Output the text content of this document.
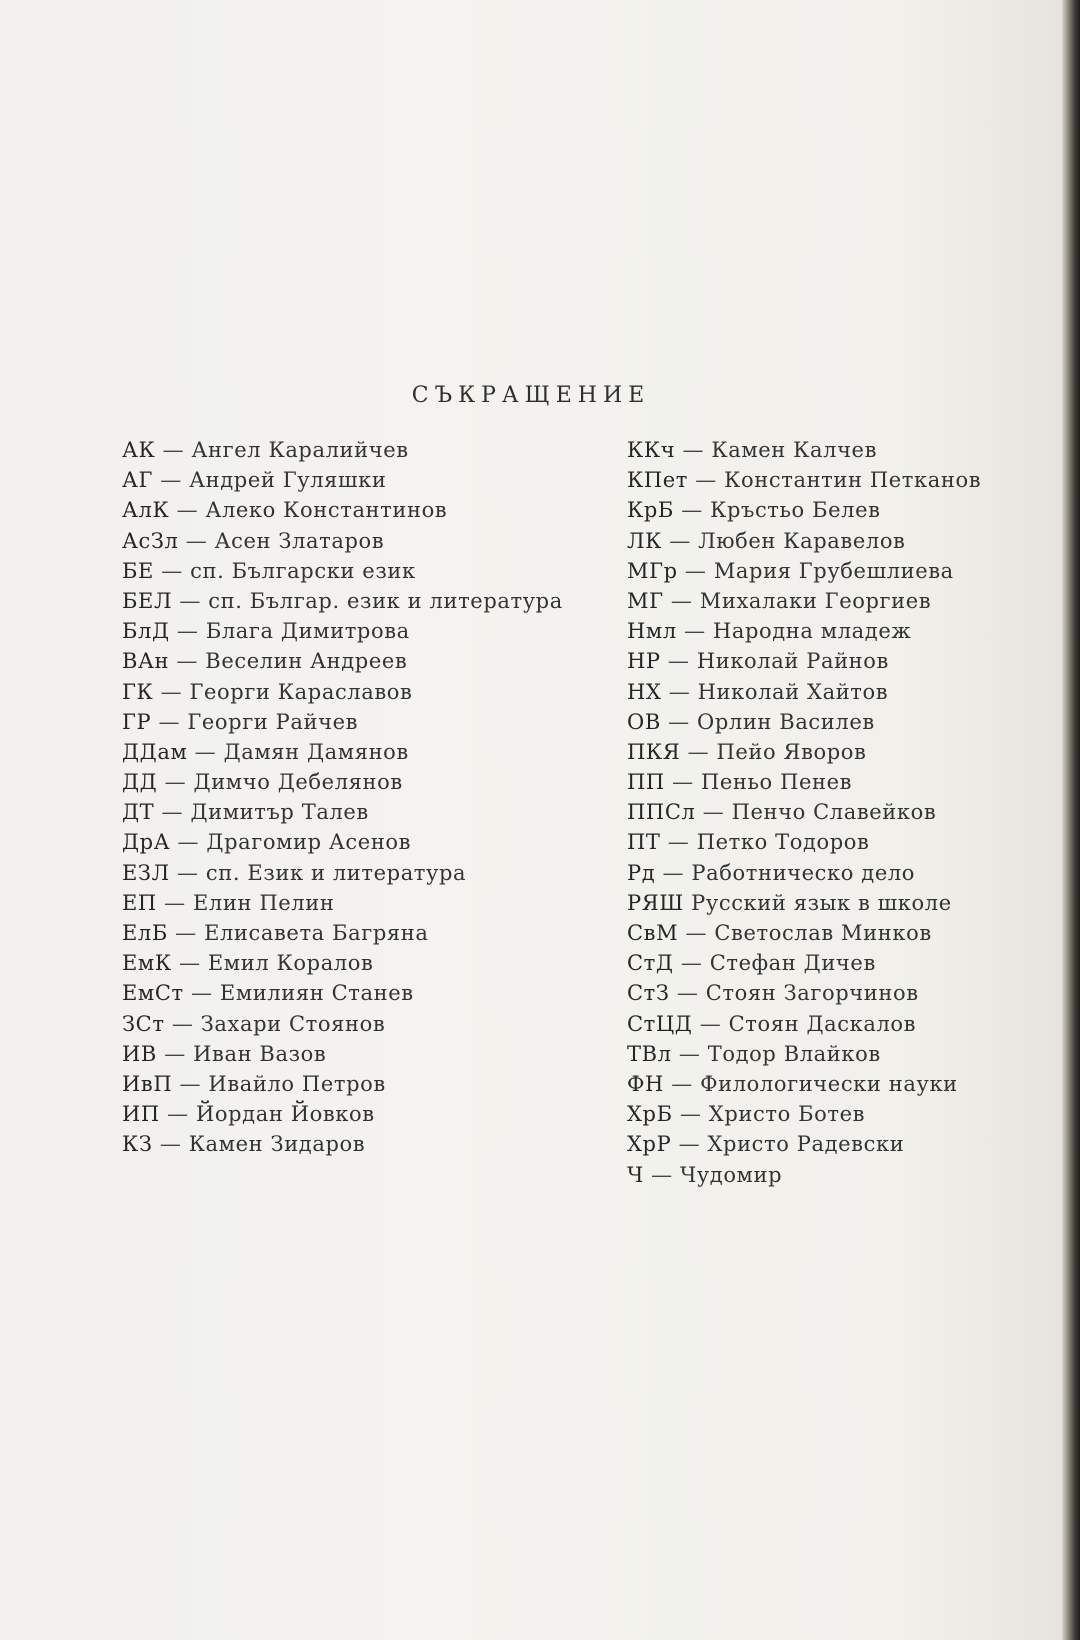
СЪКРАЩЕНИЕ
АК — Ангел Каралийчев
АГ — Андрей Гуляшки
АлК — Алеко Константинов
АсЗл — Асен Златаров
БЕ — сп. Български език
БЕЛ — сп. Българ. език и литература
БлД — Блага Димитрова
ВАн — Веселин Андреев
ГК — Георги Караславов
ГР — Георги Райчев
ДДам — Дамян Дамянов
ДД — Димчо Дебелянов
ДТ — Димитър Талев
ДрА — Драгомир Асенов
ЕЗЛ — сп. Език и литература
ЕП — Елин Пелин
ЕлБ — Елисавета Багряна
ЕмК — Емил Коралов
ЕмСт — Емилиян Станев
ЗСт — Захари Стоянов
ИВ — Иван Вазов
ИвП — Ивайло Петров
ИП — Йордан Йовков
КЗ — Камен Зидаров
ККч — Камен Калчев
КПет — Константин Петканов
КрБ — Кръстьо Белев
ЛК — Любен Каравелов
МГр — Мария Грубешлиева
МГ — Михалаки Георгиев
Нмл — Народна младеж
НР — Николай Райнов
НХ — Николай Хайтов
ОВ — Орлин Василев
ПКЯ — Пейо Яворов
ПП — Пеньо Пенев
ППСл — Пенчо Славейков
ПТ — Петко Тодоров
Рд — Работническо дело
РЯШ Русский язык в школе
СвМ — Светослав Минков
СтД — Стефан Дичев
СтЗ — Стоян Загорчинов
СтЦД — Стоян Даскалов
ТВл — Тодор Влайков
ФН — Филологически науки
ХрБ — Христо Ботев
ХрР — Христо Радевски
Ч — Чудомир
